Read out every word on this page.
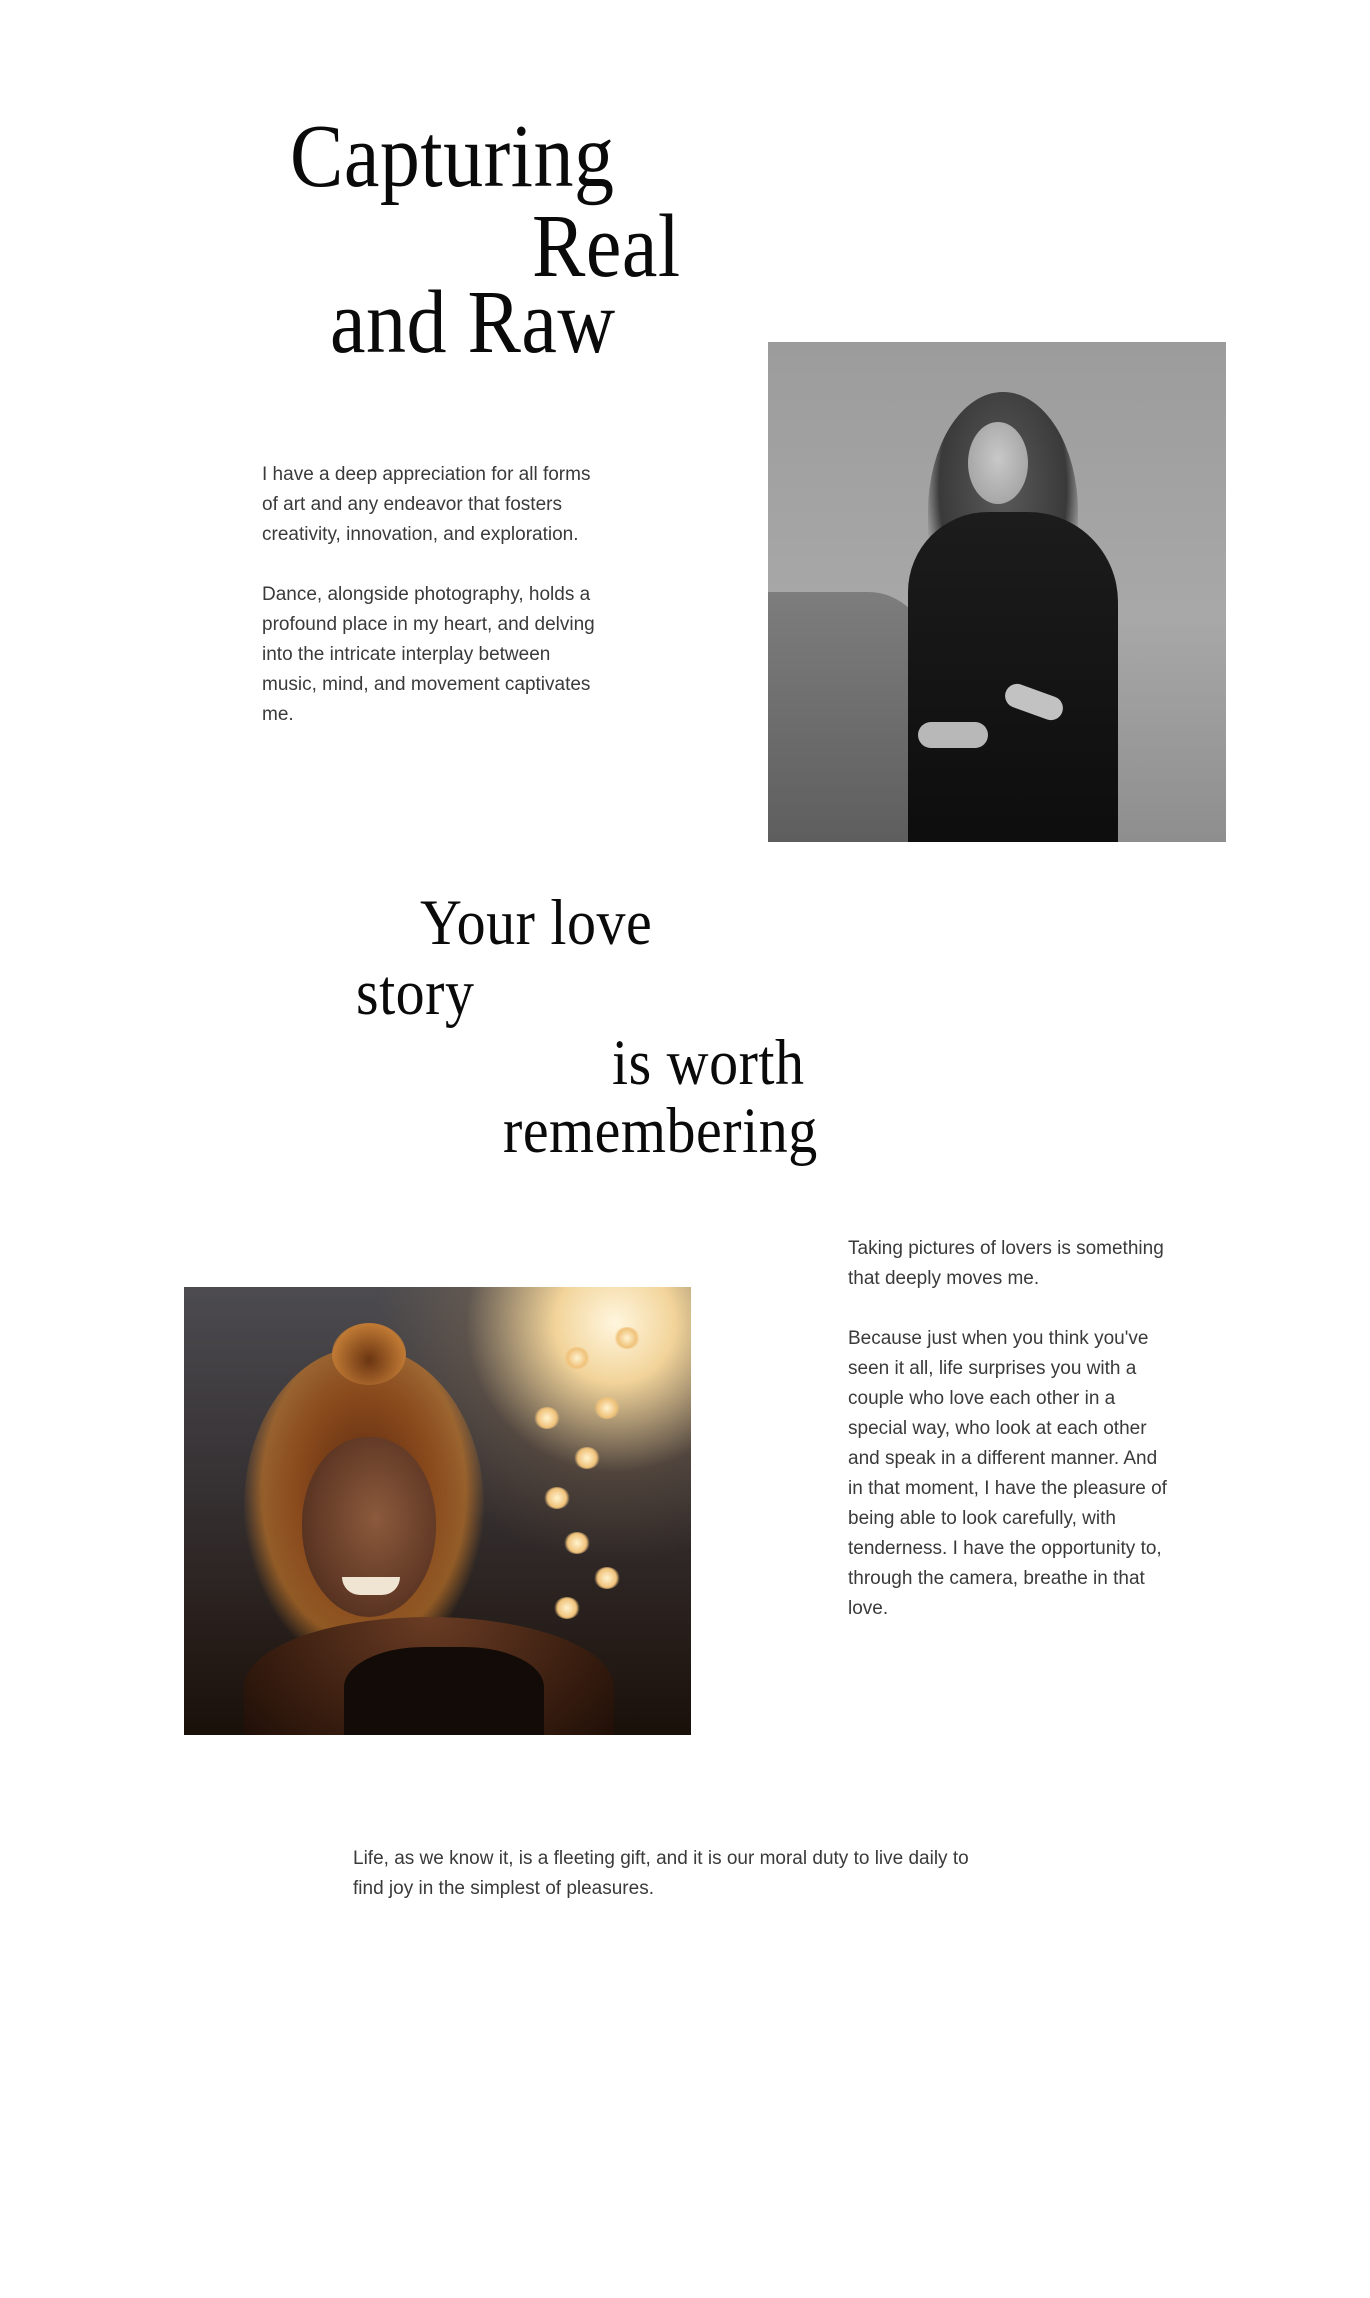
Capturing
Real
and Raw

I have a deep appreciation for all forms of art and any endeavor that fosters creativity, innovation, and exploration.

Dance, alongside photography, holds a profound place in my heart, and delving into the intricate interplay between music, mind, and movement captivates me.

Your love
story
is worth
remembering

Taking pictures of lovers is something that deeply moves me.

Because just when you think you've seen it all, life surprises you with a couple who love each other in a special way, who look at each other and speak in a different manner. And in that moment, I have the pleasure of being able to look carefully, with tenderness. I have the opportunity to, through the camera, breathe in that love.

Life, as we know it, is a fleeting gift, and it is our moral duty to live daily to find joy in the simplest of pleasures.
